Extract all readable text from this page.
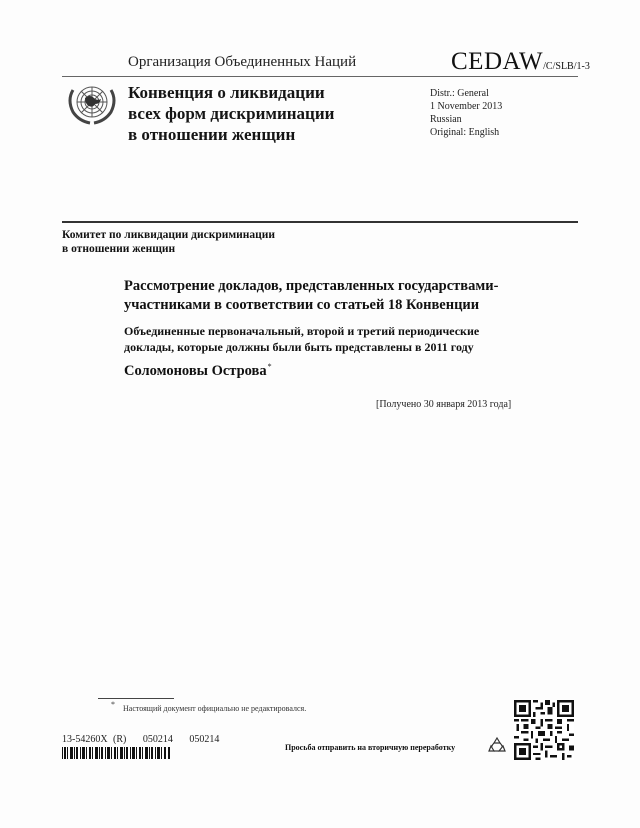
Организация Объединенных Наций	CEDAW/C/SLB/1-3
Конвенция о ликвидации
всех форм дискриминации
в отношении женщин
Distr.: General
1 November 2013
Russian
Original: English
Комитет по ликвидации дискриминации
в отношении женщин
Рассмотрение докладов, представленных государствами-
участниками в соответствии со статьей 18 Конвенции
Объединенные первоначальный, второй и третий периодические
доклады, которые должны были быть представлены в 2011 году
Соломоновы Острова*
[Получено 30 января 2013 года]
* Настоящий документ официально не редактировался.
13-54260X (R) 050214 050214
Просьба отправить на вторичную переработку
